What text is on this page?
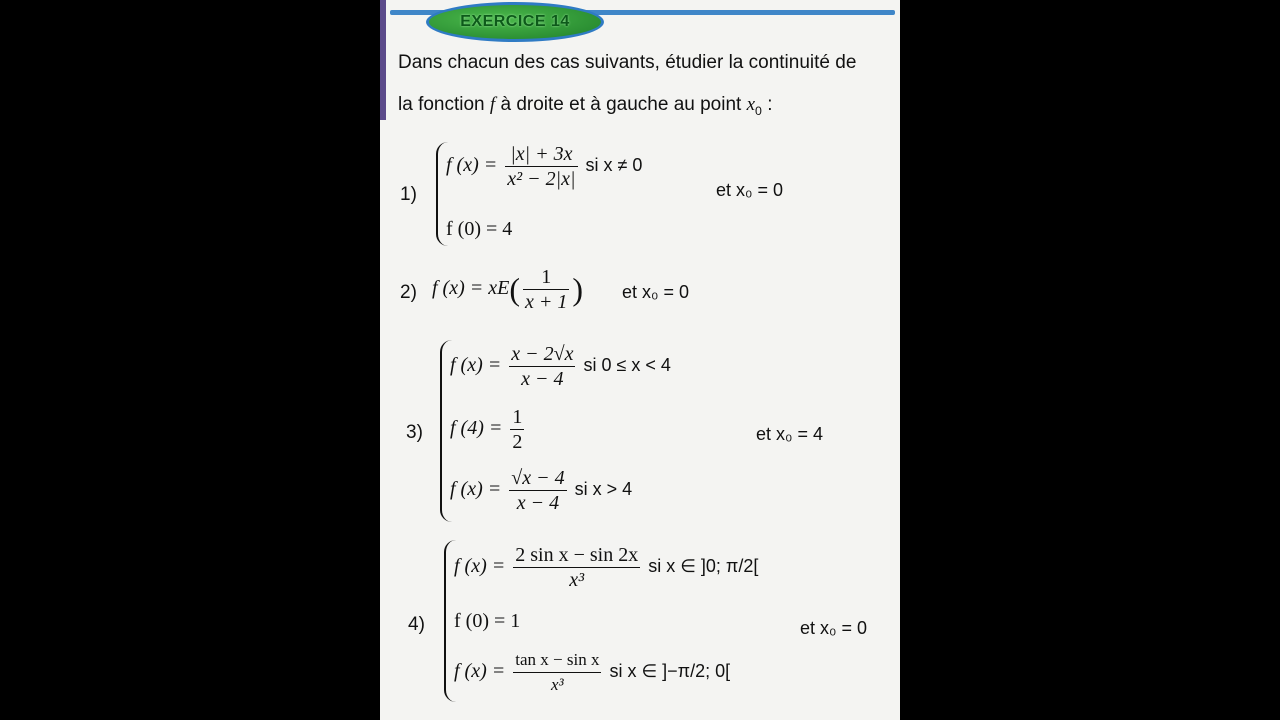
EXERCICE 14
Dans chacun des cas suivants, étudier la continuité de
la fonction f à droite et à gauche au point $x_0$ :
1)
f $(x) = \frac{|x| + 3x}{\text{x² − 2|x|}}$ si x ≠ 0
f (0) = 4
et x₀ = 0
2) f $(x) = xE( \frac{1}{x + 1}$ ) et x₀ = 0
3)
f $(x) = \frac{x - 2√x}{x - 4}$ si 0 ≤ x < 4
f $(4) = \frac{1}{2}$
f $(x) = \frac{√x - 4}{x - 4}$ si x > 4
et x₀ = 4
4)
f $(x) = \frac{\text{2 sin x − sin 2x}}{\text{x³}}$ si x ∈ ]0; π/2[
f (0) = 1
f $(x) = \frac{\text{tan x − sin x}}{\text{x³}}$ si x ∈ ]−π/2; 0[
et x₀ = 0
